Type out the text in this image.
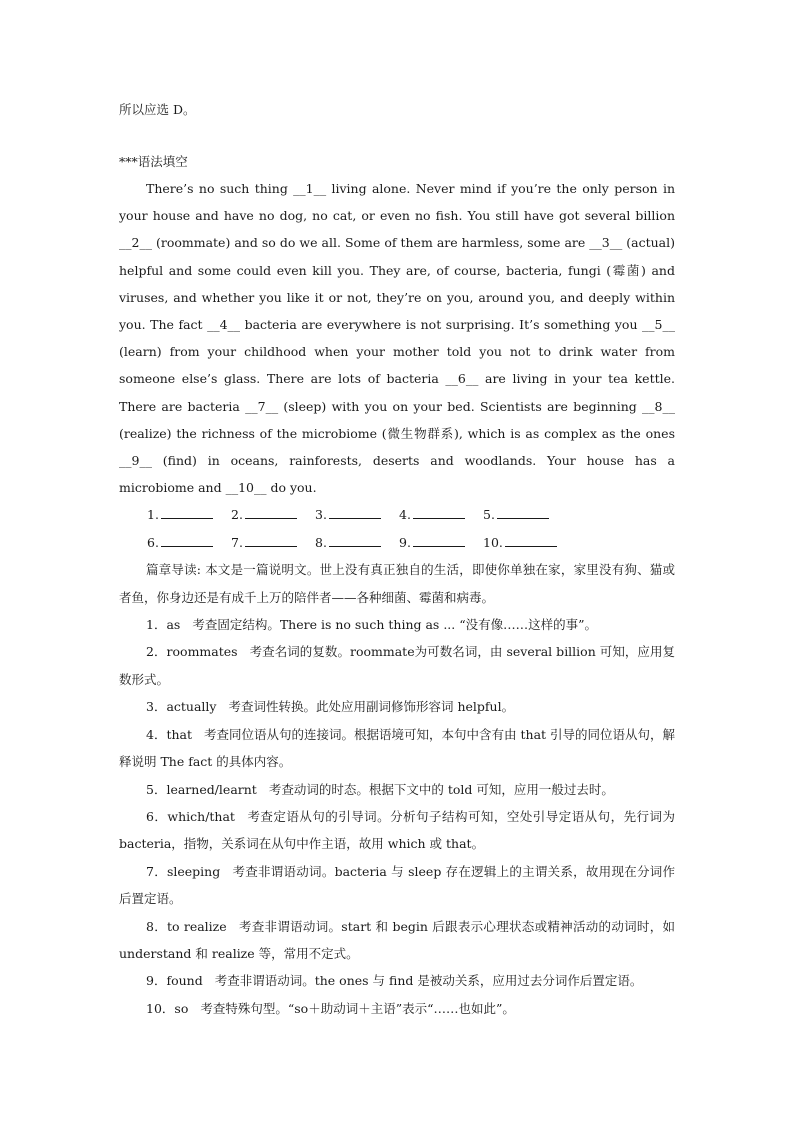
所以应选 D。
***语法填空

There’s no such thing __1__ living alone. Never mind if you’re the only person in your house and have no dog, no cat, or even no fish. You still have got several billion __2__ (roommate) and so do we all. Some of them are harmless, some are __3__ (actual) helpful and some could even kill you. They are, of course, bacteria, fungi (霉菌) and viruses, and whether you like it or not, they’re on you, around you, and deeply within you. The fact __4__ bacteria are everywhere is not surprising. It’s something you __5__ (learn) from your childhood when your mother told you not to drink water from someone else’s glass. There are lots of bacteria __6__ are living in your tea kettle. There are bacteria __7__ (sleep) with you on your bed. Scientists are beginning __8__ (realize) the richness of the microbiome (微生物群系), which is as complex as the ones __9__ (find) in oceans, rainforests, deserts and woodlands. Your house has a microbiome and __10__ do you.

1.	2.	3.	4.	5.
6.	7.	8.	9.	10.

篇章导读: 本文是一篇说明文。世上没有真正独自的生活，即使你单独在家，家里没有狗、猫或者鱼，你身边还是有成千上万的陪伴者——各种细菌、霉菌和病毒。

1．as 考查固定结构。There is no such thing as ... “没有像……这样的事”。

2．roommates 考查名词的复数。roommate为可数名词，由 several billion 可知，应用复数形式。

3．actually 考查词性转换。此处应用副词修饰形容词 helpful。

4．that 考查同位语从句的连接词。根据语境可知，本句中含有由 that 引导的同位语从句，解释说明 The fact 的具体内容。

5．learned/learnt 考查动词的时态。根据下文中的 told 可知，应用一般过去时。

6．which/that 考查定语从句的引导词。分析句子结构可知，空处引导定语从句，先行词为 bacteria，指物，关系词在从句中作主语，故用 which 或 that。

7．sleeping 考查非谓语动词。bacteria 与 sleep 存在逻辑上的主谓关系，故用现在分词作后置定语。

8．to realize 考查非谓语动词。start 和 begin 后跟表示心理状态或精神活动的动词时，如 understand 和 realize 等，常用不定式。

9．found 考查非谓语动词。the ones 与 find 是被动关系，应用过去分词作后置定语。

10．so 考查特殊句型。“so＋助动词＋主语”表示“……也如此”。
